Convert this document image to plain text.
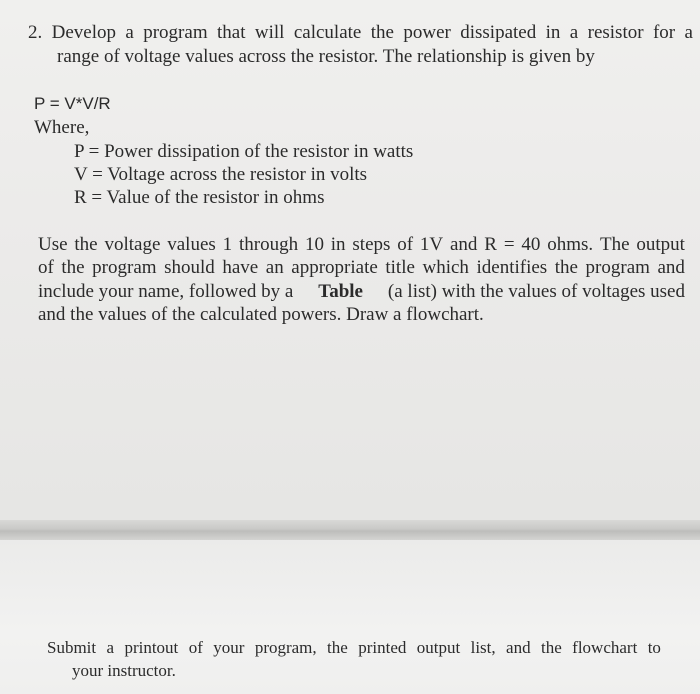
2. Develop a program that will calculate the power dissipated in a resistor for a
range of voltage values across the resistor. The relationship is given by
P = V*V/R
Where,
P = Power dissipation of the resistor in watts
V = Voltage across the resistor in volts
R = Value of the resistor in ohms
Use the voltage values 1 through 10 in steps of 1V and R = 40 ohms. The output
of the program should have an appropriate title which identifies the program and
include your name, followed by a Table (a list) with the values of voltages used
and the values of the calculated powers. Draw a flowchart.
Submit a printout of your program, the printed output list, and the flowchart to
your instructor.
